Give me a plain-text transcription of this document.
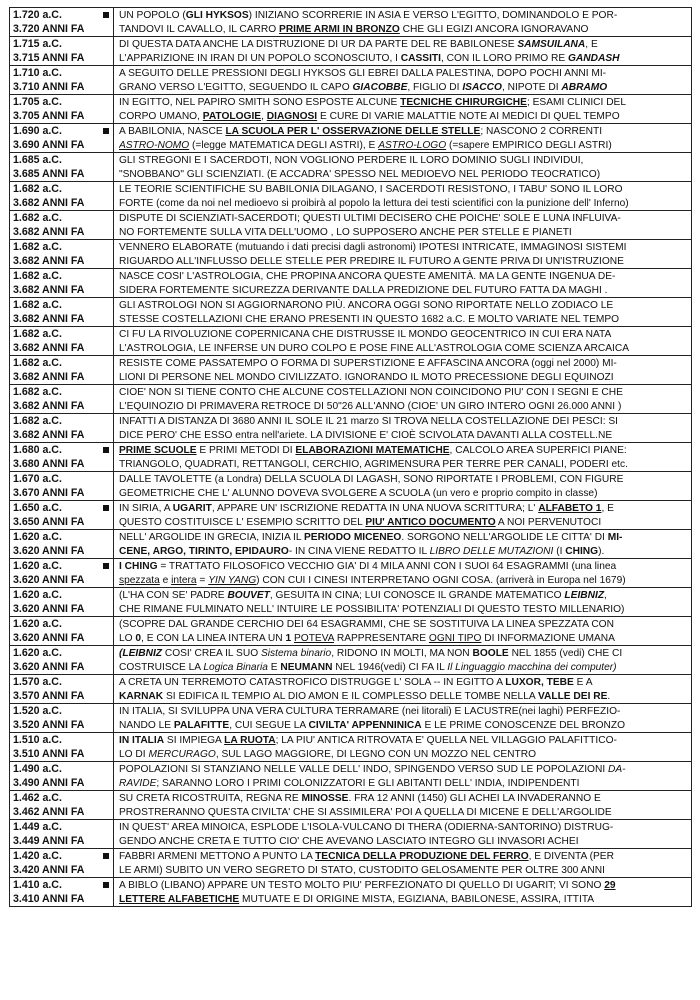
1.720 a.C.
3.720 ANNI FA
UN POPOLO (GLI HYKSOS) INIZIANO SCORRERIE IN ASIA E VERSO L'EGITTO, DOMINANDOLO E POR-
TANDOVI IL CAVALLO, IL CARRO PRIME ARMI IN BRONZO CHE GLI EGIZI ANCORA IGNORAVANO
1.715 a.C.
3.715 ANNI FA
DI QUESTA DATA ANCHE LA DISTRUZIONE DI UR DA PARTE DEL RE BABILONESE SAMSUILANA, E
L'APPARIZIONE IN IRAN DI UN POPOLO SCONOSCIUTO, I CASSITI, CON IL LORO PRIMO RE GANDASH
1.710 a.C.
3.710 ANNI FA
A SEGUITO DELLE PRESSIONI DEGLI HYKSOS GLI EBREI DALLA PALESTINA, DOPO POCHI ANNI MI-
GRANO VERSO L'EGITTO, SEGUENDO IL CAPO GIACOBBE, FIGLIO DI ISACCO, NIPOTE DI ABRAMO
1.705 a.C.
3.705 ANNI FA
IN EGITTO, NEL PAPIRO SMITH SONO ESPOSTE ALCUNE TECNICHE CHIRURGICHE; ESAMI CLINICI DEL
CORPO UMANO, PATOLOGIE, DIAGNOSI E CURE DI VARIE MALATTIE NOTE AI MEDICI DI QUEL TEMPO
1.690 a.C.
3.690 ANNI FA
A BABILONIA, NASCE LA SCUOLA PER L' OSSERVAZIONE DELLE STELLE; NASCONO 2 CORRENTI
ASTRO-NOMO (=legge MATEMATICA DEGLI ASTRI), E ASTRO-LOGO (=sapere EMPIRICO DEGLI ASTRI)
1.685 a.C.
3.685 ANNI FA
GLI STREGONI E I SACERDOTI, NON VOGLIONO PERDERE IL LORO DOMINIO SUGLI INDIVIDUI,
"SNOBBANO" GLI SCIENZIATI. (E ACCADRA' SPESSO NEL MEDIOEVO NEL PERIODO TEOCRATICO)
1.682 a.C.
3.682 ANNI FA
LE TEORIE SCIENTIFICHE SU BABILONIA DILAGANO, I SACERDOTI RESISTONO, I TABU' SONO IL LORO
FORTE (come da noi nel medioevo si proibirà al popolo la lettura dei testi scientifici con la punizione dell' Inferno)
1.682 a.C.
3.682 ANNI FA
DISPUTE DI SCIENZIATI-SACERDOTI; QUESTI ULTIMI DECISERO CHE POICHE' SOLE E LUNA INFLUIVA-
NO FORTEMENTE SULLA VITA DELL'UOMO , LO SUPPOSERO ANCHE PER STELLE E PIANETI
1.682 a.C.
3.682 ANNI FA
VENNERO ELABORATE (mutuando i dati precisi dagli astronomi) IPOTESI INTRICATE, IMMAGINOSI SISTEMI
RIGUARDO ALL'INFLUSSO DELLE STELLE PER PREDIRE IL FUTURO A GENTE PRIVA DI UN'ISTRUZIONE
1.682 a.C.
3.682 ANNI FA
NASCE COSI' L'ASTROLOGIA, CHE PROPINA ANCORA QUESTE AMENITÀ. MA LA GENTE INGENUA DE-
SIDERA FORTEMENTE SICUREZZA DERIVANTE DALLA PREDIZIONE DEL FUTURO FATTA DA MAGHI .
1.682 a.C.
3.682 ANNI FA
GLI ASTROLOGI NON SI AGGIORNARONO PIÙ. ANCORA OGGI SONO RIPORTATE NELLO ZODIACO LE
STESSE COSTELLAZIONI CHE ERANO PRESENTI IN QUESTO 1682 a.C. E MOLTO VARIATE NEL TEMPO
1.682 a.C.
3.682 ANNI FA
CI FU LA RIVOLUZIONE COPERNICANA CHE DISTRUSSE IL MONDO GEOCENTRICO IN CUI ERA NATA
L'ASTROLOGIA, LE INFERSE UN DURO COLPO E POSE FINE ALL'ASTROLOGIA COME SCIENZA ARCAICA
1.682 a.C.
3.682 ANNI FA
RESISTE COME PASSATEMPO O FORMA DI SUPERSTIZIONE E AFFASCINA ANCORA (oggi nel 2000) MI-
LIONI DI PERSONE NEL MONDO CIVILIZZATO. IGNORANDO IL MOTO PRECESSIONE DEGLI EQUINOZI
1.682 a.C.
3.682 ANNI FA
CIOE' NON SI TIENE CONTO CHE ALCUNE COSTELLAZIONI NON COINCIDONO PIU' CON I SEGNI E CHE
L'EQUINOZIO DI PRIMAVERA RETROCE DI 50"26 ALL'ANNO (CIOE' UN GIRO INTERO OGNI 26.000 ANNI )
1.682 a.C.
3.682 ANNI FA
INFATTI A DISTANZA DI 3680 ANNI IL SOLE IL 21 marzo SI TROVA NELLA COSTELLAZIONE DEI PESCI: SI
DICE PERO' CHE ESSO entra nell'ariete. LA DIVISIONE E' CIOÈ SCIVOLATA DAVANTI ALLA COSTELL.NE
1.680 a.C.
3.680 ANNI FA
PRIME SCUOLE E PRIMI METODI DI ELABORAZIONI MATEMATICHE, CALCOLO AREA SUPERFICI PIANE:
TRIANGOLO, QUADRATI, RETTANGOLI, CERCHIO, AGRIMENSURA PER TERRE PER CANALI, PODERI etc.
1.670 a.C.
3.670 ANNI FA
DALLE TAVOLETTE (a Londra) DELLA SCUOLA DI LAGASH, SONO RIPORTATE I PROBLEMI, CON FIGURE
GEOMETRICHE CHE L' ALUNNO DOVEVA SVOLGERE A SCUOLA (un vero e proprio compito in classe)
1.650 a.C.
3.650 ANNI FA
IN SIRIA, A UGARIT, APPARE UN' ISCRIZIONE REDATTA IN UNA NUOVA SCRITTURA; L' ALFABETO 1, E
QUESTO COSTITUISCE L' ESEMPIO SCRITTO DEL PIU' ANTICO DOCUMENTO A NOI PERVENUTOCI
1.620 a.C.
3.620 ANNI FA
NELL' ARGOLIDE IN GRECIA, INIZIA IL PERIODO MICENEO. SORGONO NELL'ARGOLIDE LE CITTA' DI MI-
CENE, ARGO, TIRINTO, EPIDAURO- IN CINA VIENE REDATTO IL LIBRO DELLE MUTAZIONI (I CHING).
1.620 a.C.
3.620 ANNI FA
I CHING = TRATTATO FILOSOFICO VECCHIO GIA' DI 4 MILA ANNI CON I SUOI 64 ESAGRAMMI (una linea
spezzata e intera = YIN YANG) CON CUI I CINESI INTERPRETANO OGNI COSA. (arriverà in Europa nel 1679)
1.620 a.C.
3.620 ANNI FA
(L'HA CON SE' PADRE BOUVET, GESUITA IN CINA; LUI CONOSCE IL GRANDE MATEMATICO LEIBNIZ,
CHE RIMANE FULMINATO NELL' INTUIRE LE POSSIBILITA' POTENZIALI DI QUESTO TESTO MILLENARIO)
1.620 a.C.
3.620 ANNI FA
(SCOPRE DAL GRANDE CERCHIO DEI 64 ESAGRAMMI, CHE SE SOSTITUIVA LA LINEA SPEZZATA CON
LO 0, E CON LA LINEA INTERA UN 1 POTEVA RAPPRESENTARE OGNI TIPO DI INFORMAZIONE UMANA
1.620 a.C.
3.620 ANNI FA
(LEIBNIZ COSI' CREA IL SUO Sistema binario, RIDONO IN MOLTI, MA NON BOOLE NEL 1855 (vedi) CHE CI
COSTRUISCE LA Logica Binaria E NEUMANN NEL 1946(vedi) CI FA IL Il Linguaggio macchina dei computer)
1.570 a.C.
3.570 ANNI FA
A CRETA UN TERREMOTO CATASTROFICO DISTRUGGE L' SOLA -- IN EGITTO A LUXOR, TEBE E A
KARNAK SI EDIFICA IL TEMPIO AL DIO AMON E IL COMPLESSO DELLE TOMBE NELLA VALLE DEI RE.
1.520 a.C.
3.520 ANNI FA
IN ITALIA, SI SVILUPPA UNA VERA CULTURA TERRAMARE (nei litorali) E LACUSTRE(nei laghi) PERFEZIO-
NANDO LE PALAFITTE, CUI SEGUE LA CIVILTA' APPENNINICA E LE PRIME CONOSCENZE DEL BRONZO
1.510 a.C.
3.510 ANNI FA
IN ITALIA SI IMPIEGA LA RUOTA; LA PIU' ANTICA RITROVATA E' QUELLA NEL VILLAGGIO PALAFITTICO-
LO DI MERCURAGO, SUL LAGO MAGGIORE, DI LEGNO CON UN MOZZO NEL CENTRO
1.490 a.C.
3.490 ANNI FA
POPOLAZIONI SI STANZIANO NELLE VALLE DELL' INDO, SPINGENDO VERSO SUD LE POPOLAZIONI DA-
RAVIDE; SARANNO LORO I PRIMI COLONIZZATORI E GLI ABITANTI DELL' INDIA, INDIPENDENTI
1.462 a.C.
3.462 ANNI FA
SU CRETA RICOSTRUITA, REGNA RE MINOSSE. FRA 12 ANNI (1450) GLI ACHEI LA INVADERANNO E
PROSTRERANNO QUESTA CIVILTA' CHE SI ASSIMILERA' POI A QUELLA DI MICENE E DELL'ARGOLIDE
1.449 a.C.
3.449 ANNI FA
IN QUEST' AREA MINOICA, ESPLODE L'ISOLA-VULCANO DI THERA (ODIERNA-SANTORINO) DISTRUG-
GENDO ANCHE CRETA E TUTTO CIO' CHE AVEVANO LASCIATO INTEGRO GLI INVASORI ACHEI
1.420 a.C.
3.420 ANNI FA
FABBRI ARMENI METTONO A PUNTO LA TECNICA DELLA PRODUZIONE DEL FERRO, E DIVENTA (PER
LE ARMI) SUBITO UN VERO SEGRETO DI STATO, CUSTODITO GELOSAMENTE PER OLTRE 300 ANNI
1.410 a.C.
3.410 ANNI FA
A BIBLO (LIBANO) APPARE UN TESTO MOLTO PIU' PERFEZIONATO DI QUELLO DI UGARIT; VI SONO 29
LETTERE ALFABETICHE MUTUATE E DI ORIGINE MISTA, EGIZIANA, BABILONESE, ASSIRA, ITTITA
